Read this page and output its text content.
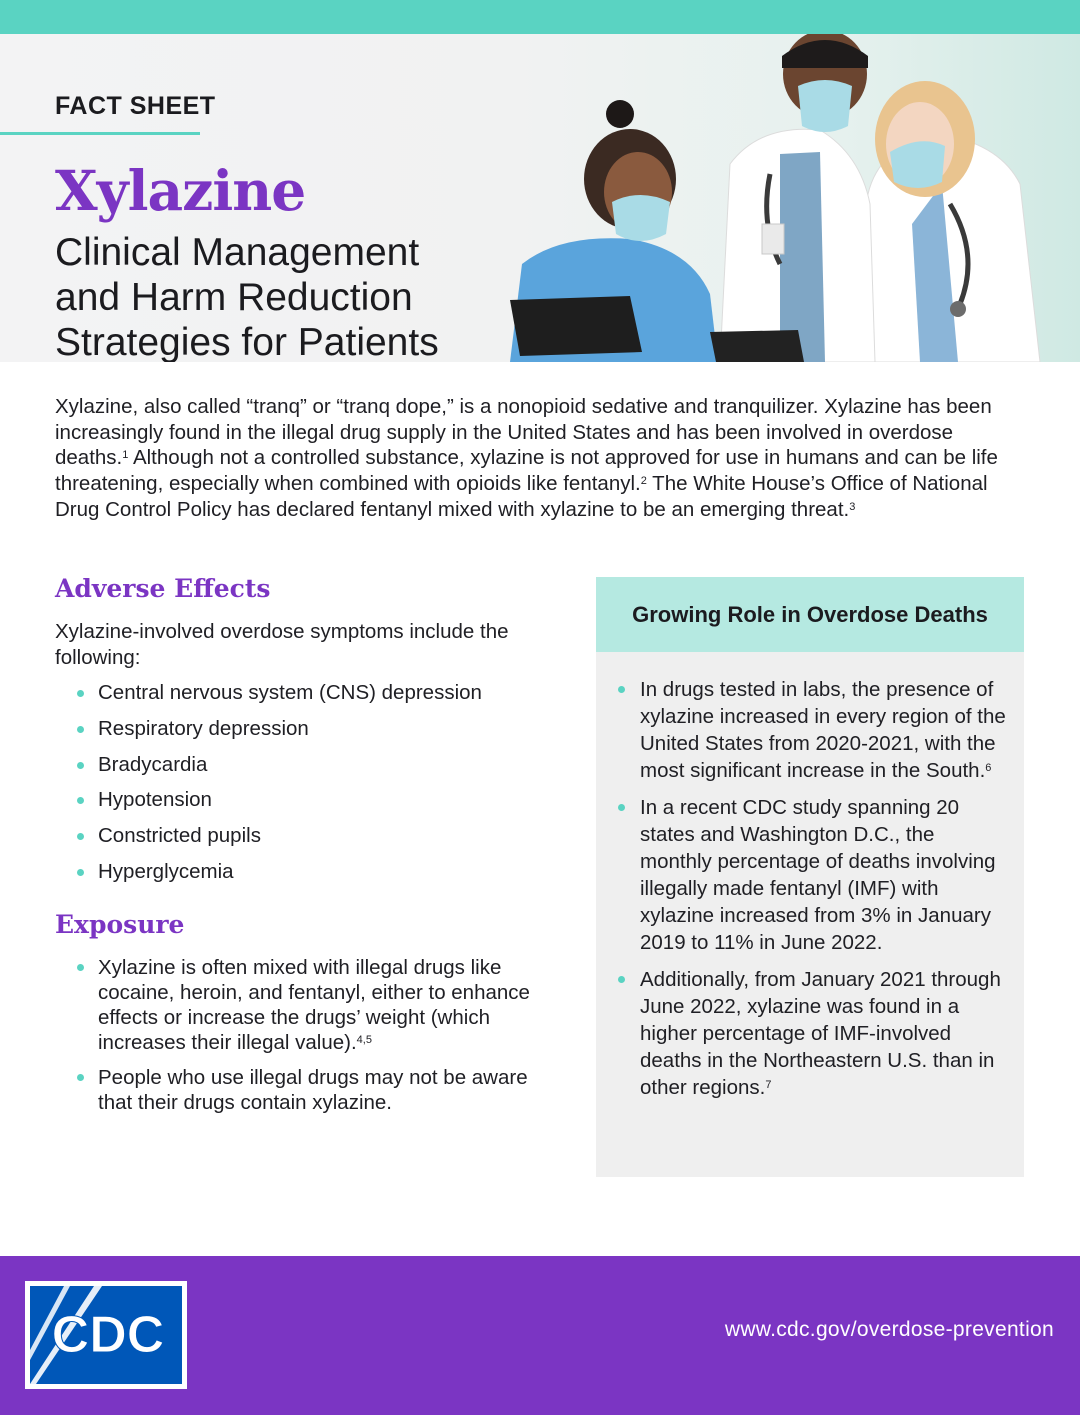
FACT SHEET
Xylazine
Clinical Management and Harm Reduction Strategies for Patients

Xylazine, also called “tranq” or “tranq dope,” is a nonopioid sedative and tranquilizer. Xylazine has been increasingly found in the illegal drug supply in the United States and has been involved in overdose deaths.$^1$ Although not a controlled substance, xylazine is not approved for use in humans and can be life threatening, especially when combined with opioids like fentanyl.$^2$ The White House’s Office of National Drug Control Policy has declared fentanyl mixed with xylazine to be an emerging threat.$^3$

Adverse Effects

Xylazine-involved overdose symptoms include the following:

Central nervous system (CNS) depression
Respiratory depression
Bradycardia
Hypotension
Constricted pupils
Hyperglycemia
Exposure
Xylazine is often mixed with illegal drugs like cocaine, heroin, and fentanyl, either to enhance effects or increase the drugs’ weight (which increases their illegal value).$^{4,5}$
People who use illegal drugs may not be aware that their drugs contain xylazine.
Growing Role in Overdose Deaths
In drugs tested in labs, the presence of xylazine increased in every region of the United States from 2020-2021, with the most significant increase in the South.$^6$
In a recent CDC study spanning 20 states and Washington D.C., the monthly percentage of deaths involving illegally made fentanyl (IMF) with xylazine increased from 3% in January 2019 to 11% in June 2022.
Additionally, from January 2021 through June 2022, xylazine was found in a higher percentage of IMF-involved deaths in the Northeastern U.S. than in other regions.$^7$
CDC	www.cdc.gov/overdose-prevention
